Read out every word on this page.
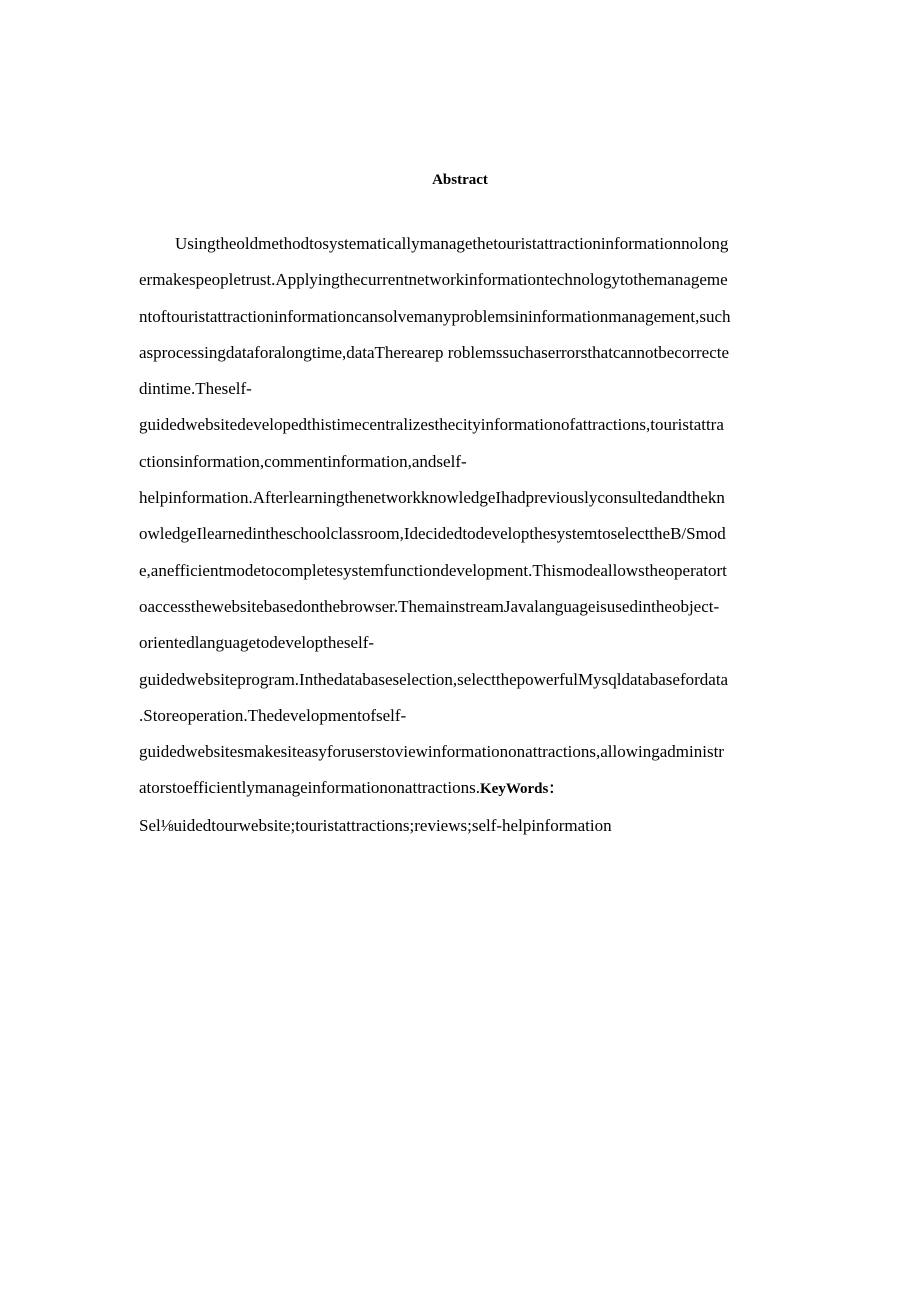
Abstract
Usingtheoldmethodtosystematicallymanagethetouristattractioninformationnolong
ermakespeopletrust.Applyingthecurrentnetworkinformationtechnologytothemanageme
ntoftouristattractioninformationcansolvemanyproblemsininformationmanagement,such
asprocessingdataforalongtime,dataTherearep roblemssuchaserrorsthatcannotbecorrecte
dintime.Theself-
guidedwebsitedevelopedthistimecentralizesthecityinformationofattractions,touristattra
ctionsinformation,commentinformation,andself-
helpinformation.AfterlearningthenetworkknowledgeIhadpreviouslyconsultedandthekn
owledgeIlearnedintheschoolclassroom,IdecidedtodevelopthesystemtoselecttheB/Smod
e,anefficientmodetocompletesystemfunctiondevelopment.Thismodeallowstheoperatort
oaccessthewebsitebasedonthebrowser.ThemainstreamJavalanguageisusedintheobject-
orientedlanguagetodeveloptheself-
guidedwebsiteprogram.Inthedatabaseselection,selectthepowerfulMysqldatabasefordata
.Storeoperation.Thedevelopmentofself-
guidedwebsitesmakesiteasyforuserstoviewinformationonattractions,allowingadministr
atorstoefficientlymanageinformationonattractions.KeyWords：
Sel⅛uidedtourwebsite;touristattractions;reviews;self-helpinformation
